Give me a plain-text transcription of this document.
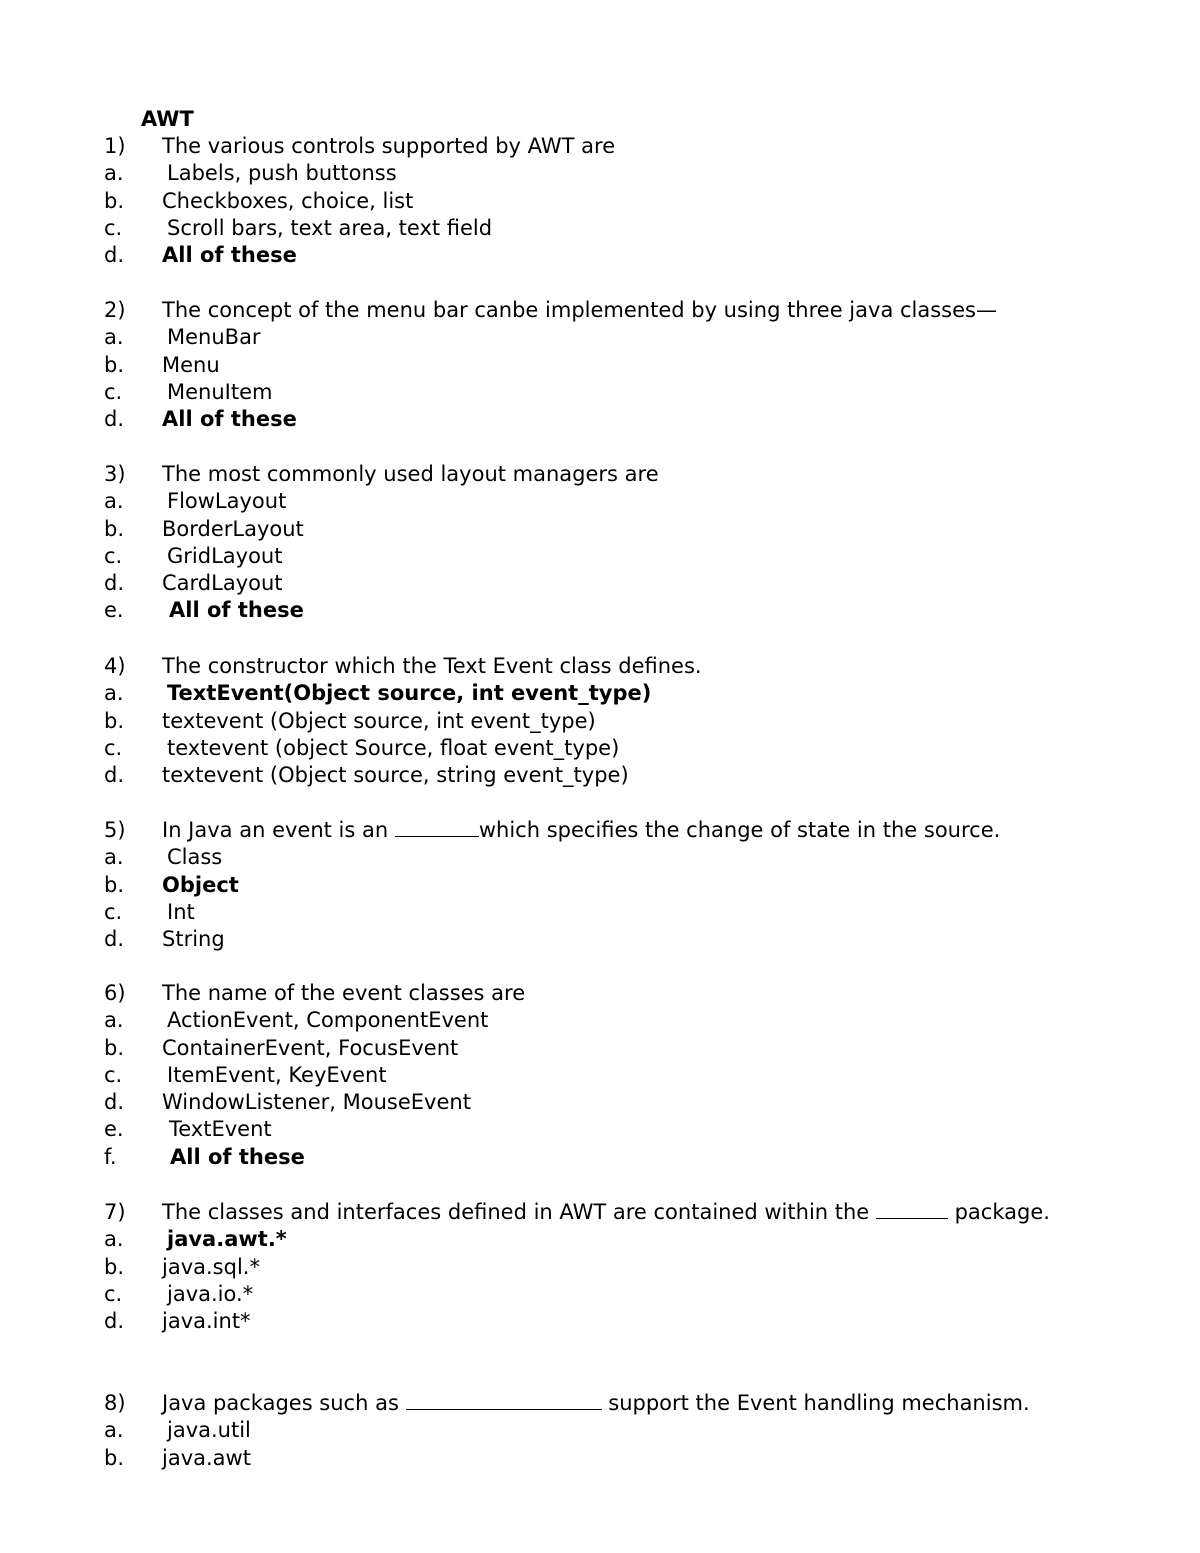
AWT
1) The various controls supported by AWT are
a. Labels, push buttonss
b. Checkboxes, choice, list
c. Scroll bars, text area, text field
d. All of these
2) The concept of the menu bar canbe implemented by using three java classes—
a. MenuBar
b. Menu
c. MenuItem
d. All of these
3) The most commonly used layout managers are
a. FlowLayout
b. BorderLayout
c. GridLayout
d. CardLayout
e. All of these
4) The constructor which the Text Event class defines.
a. TextEvent(Object source, int event_type)
b. textevent (Object source, int event_type)
c. textevent (object Source, float event_type)
d. textevent (Object source, string event_type)
5) In Java an event is an	which specifies the change of state in the source.
a. Class
b. Object
c. Int
d. String
6) The name of the event classes are
a. ActionEvent, ComponentEvent
b. ContainerEvent, FocusEvent
c. ItemEvent, KeyEvent
d. WindowListener, MouseEvent
e. TextEvent
f.	All of these
7) The classes and interfaces defined in AWT are contained within the	package.
a. java.awt.*
b. java.sql.*
c. java.io.*
d. java.int*
8) Java packages such as	support the Event handling mechanism.
a. java.util
b. java.awt
